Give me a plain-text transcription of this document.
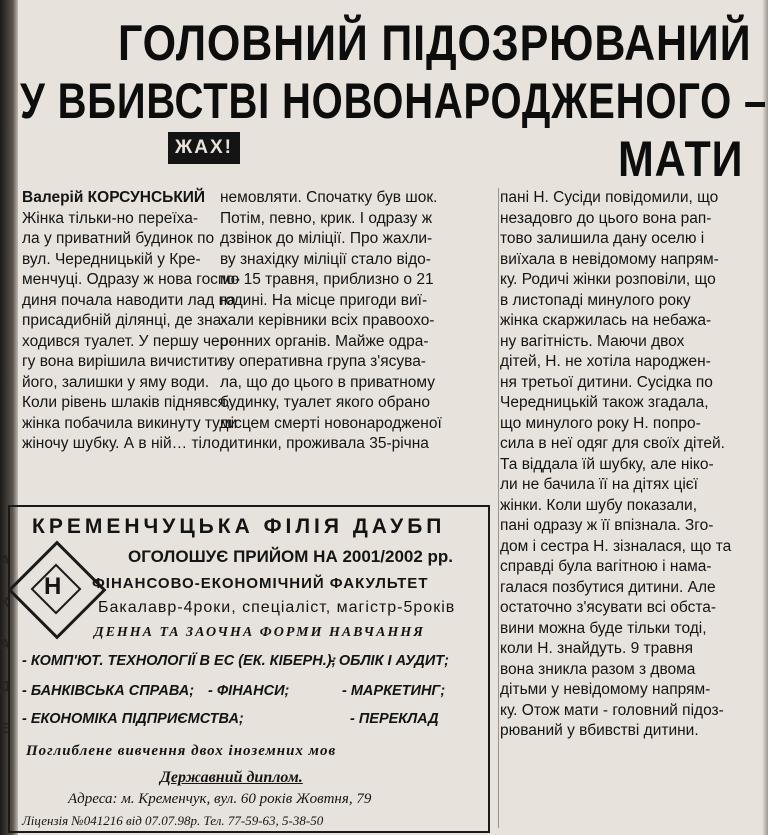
ГОЛОВНИЙ ПІДОЗРЮВАНИЙ
У ВБИВСТВІ НОВОНАРОДЖЕНОГО –
ЖАХ!	МАТИ
Валерій КОРСУНСЬКИЙ
Жінка тільки-но переїха-
ла у приватний будинок по
вул. Чередницькій у Кре-
менчуці. Одразу ж нова госпо-
диня почала наводити лад на
присадибній ділянці, де зна-
ходився туалет. У першу чер-
гу вона вирішила вичистити
його, залишки у яму води.
Коли рівень шлаків піднявся,
жінка побачила викинуту туди
жіночу шубку. А в ній… тіло
немовляти. Спочатку був шок.
Потім, певно, крик. І одразу ж
дзвінок до міліції. Про жахли-
ву знахідку міліції стало відо-
мо 15 травня, приблизно о 21
годині. На місце пригоди виї-
хали керівники всіх правоохо-
ронних органів. Майже одра-
зу оперативна група з'ясува-
ла, що до цього в приватному
будинку, туалет якого обрано
місцем смерті новонародженої
дитинки, проживала 35-річна
пані Н. Сусіди повідомили, що
незадовго до цього вона рап-
тово залишила дану оселю і
виїхала в невідомому напрям-
ку. Родичі жінки розповіли, що
в листопаді минулого року
жінка скаржилась на небажа-
ну вагітність. Маючи двох
дітей, Н. не хотіла народжен-
ня третьої дитини. Сусідка по
Чередницькій також згадала,
що минулого року Н. попро-
сила в неї одяг для своїх дітей.
Та віддала їй шубку, але ніко-
ли не бачила її на дітях цієї
жінки. Коли шубу показали,
пані одразу ж її впізнала. Зго-
дом і сестра Н. зізналася, що та
справді була вагітною і нама-
галася позбутися дитини. Але
остаточно з'ясувати всі обста-
вини можна буде тільки тоді,
коли Н. знайдуть. 9 травня
вона зникла разом з двома
дітьми у невідомому напрям-
ку. Отож мати - головний підоз-
рюваний у вбивстві дитини.
А
К
А
Д
Е
КРЕМЕНЧУЦЬКА ФІЛІЯ ДАУБП
Н
ОГОЛОШУЄ ПРИЙОМ НА 2001/2002 рр.
ФІНАНСОВО-ЕКОНОМІЧНИЙ ФАКУЛЬТЕТ
Бакалавр-4роки, спеціаліст, магістр-5років
ДЕННА ТА ЗАОЧНА ФОРМИ НАВЧАННЯ
- КОМП'ЮТ. ТЕХНОЛОГІЇ В ЕС (ЕК. КІБЕРН.);
- ОБЛІК І АУДИТ;
- БАНКІВСЬКА СПРАВА; - ФІНАНСИ;	- МАРКЕТИНГ;
- ЕКОНОМІКА ПІДПРИЄМСТВА;	- ПЕРЕКЛАД
Поглиблене вивчення двох іноземних мов
Державний диплом.
Адреса: м. Кременчук, вул. 60 років Жовтня, 79
Ліцензія №041216 від 07.07.98р. Тел. 77-59-63, 5-38-50
